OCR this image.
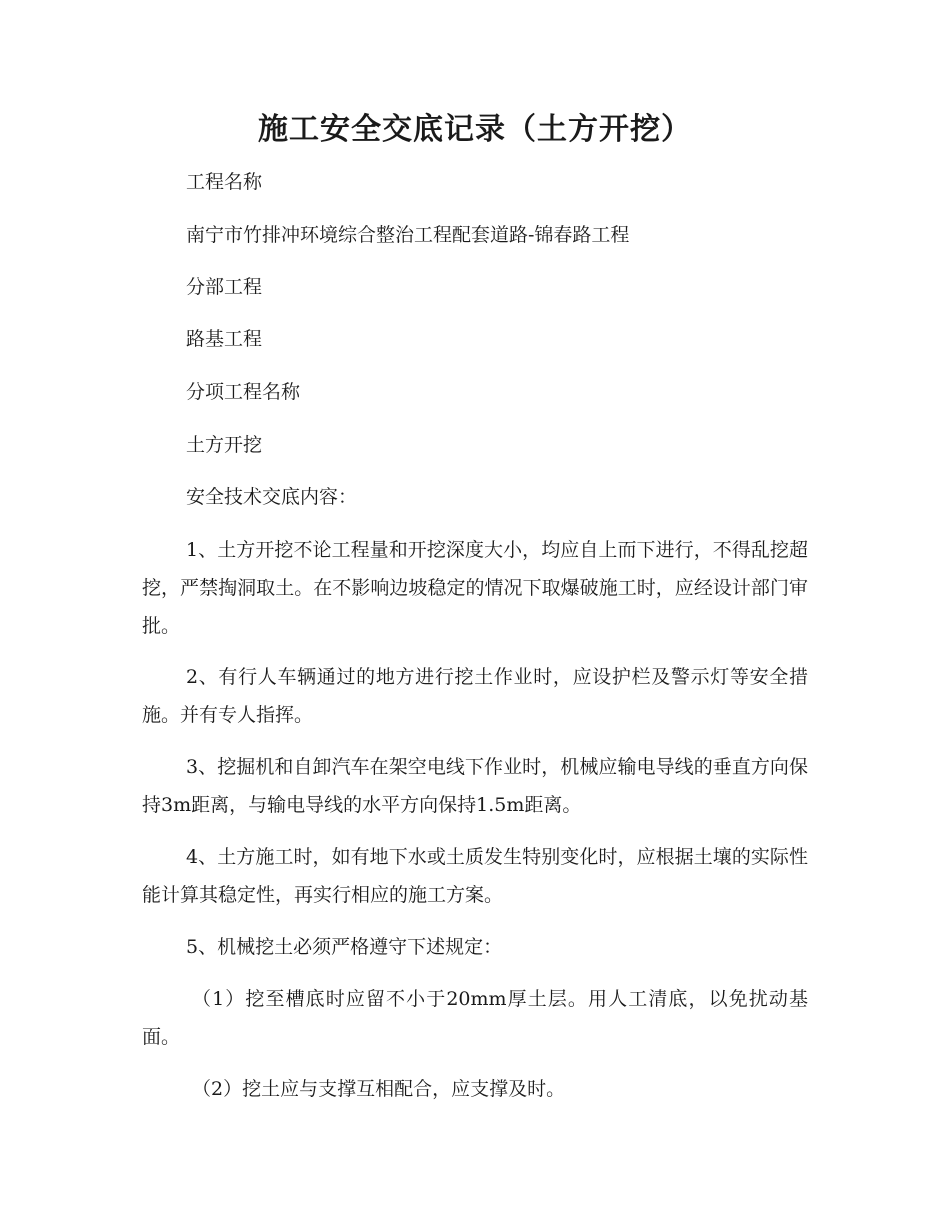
施工安全交底记录（土方开挖）
工程名称
南宁市竹排冲环境综合整治工程配套道路-锦春路工程
分部工程
路基工程
分项工程名称
土方开挖
安全技术交底内容：
1、土方开挖不论工程量和开挖深度大小，均应自上而下进行，不得乱挖超挖，严禁掏洞取土。在不影响边坡稳定的情况下取爆破施工时，应经设计部门审批。
2、有行人车辆通过的地方进行挖土作业时，应设护栏及警示灯等安全措施。并有专人指挥。
3、挖掘机和自卸汽车在架空电线下作业时，机械应输电导线的垂直方向保持3m距离，与输电导线的水平方向保持1.5m距离。
4、土方施工时，如有地下水或土质发生特别变化时，应根据土壤的实际性能计算其稳定性，再实行相应的施工方案。
5、机械挖土必须严格遵守下述规定：
（1）挖至槽底时应留不小于20mm厚土层。用人工清底，以免扰动基面。
（2）挖土应与支撑互相配合，应支撑及时。
